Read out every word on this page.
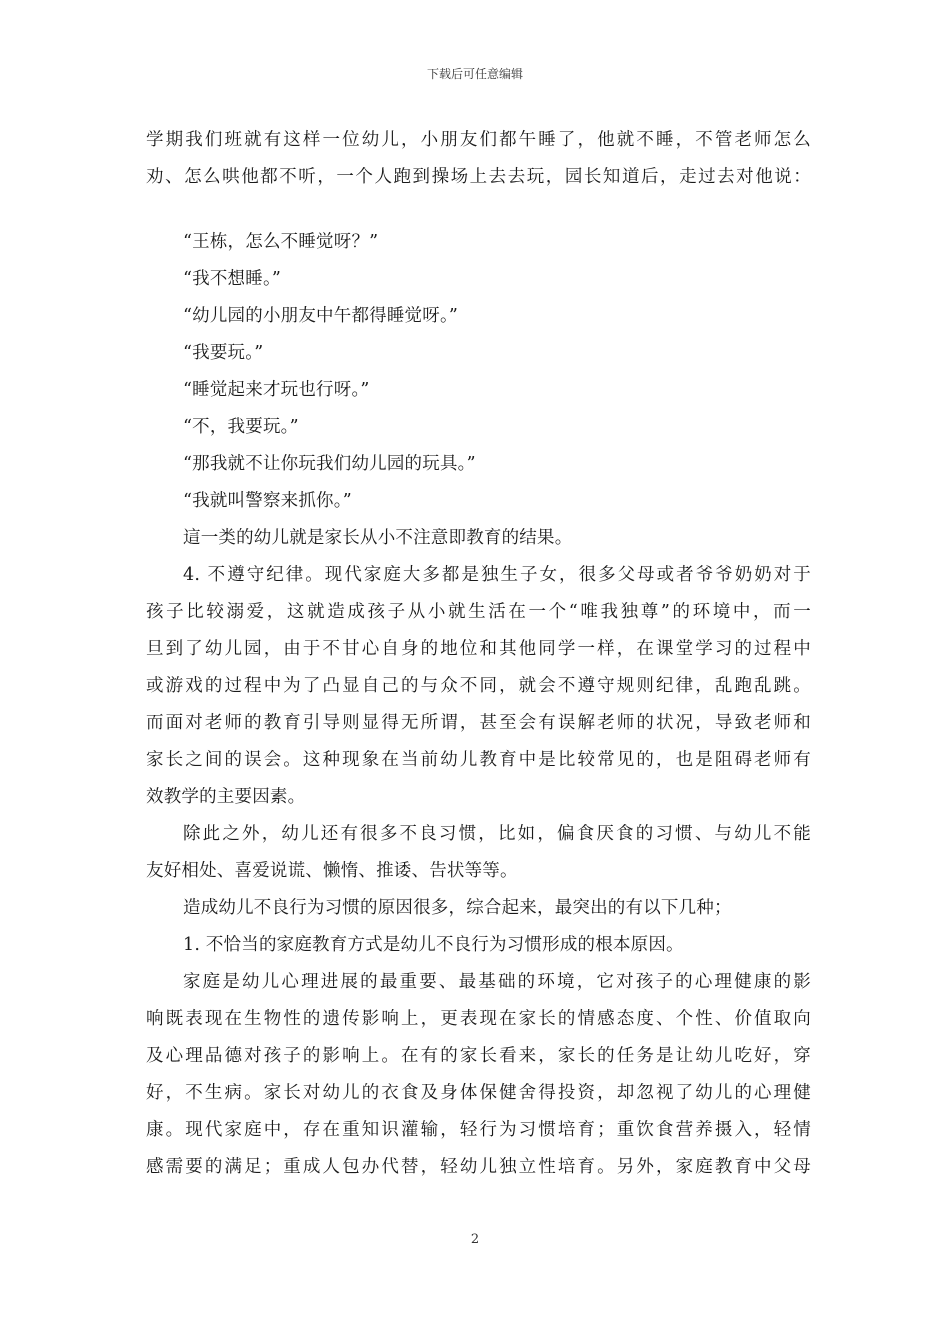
下载后可任意编辑
学期我们班就有这样一位幼儿，小朋友们都午睡了，他就不睡，不管老师怎么
劝、怎么哄他都不听，一个人跑到操场上去去玩，园长知道后，走过去对他说：
“王栋，怎么不睡觉呀？”
“我不想睡。”
“幼儿园的小朋友中午都得睡觉呀。”
“我要玩。”
“睡觉起来才玩也行呀。”
“不，我要玩。”
“那我就不让你玩我们幼儿园的玩具。”
“我就叫警察来抓你。”
這一类的幼儿就是家长从小不注意即教育的结果。
4. 不遵守纪律。现代家庭大多都是独生子女，很多父母或者爷爷奶奶对于
孩子比较溺爱，这就造成孩子从小就生活在一个“唯我独尊”的环境中，而一
旦到了幼儿园，由于不甘心自身的地位和其他同学一样，在课堂学习的过程中
或游戏的过程中为了凸显自己的与众不同，就会不遵守规则纪律，乱跑乱跳。
而面对老师的教育引导则显得无所谓，甚至会有误解老师的状况，导致老师和
家长之间的误会。这种现象在当前幼儿教育中是比较常见的，也是阻碍老师有
效教学的主要因素。
除此之外，幼儿还有很多不良习惯，比如，偏食厌食的习惯、与幼儿不能
友好相处、喜爱说谎、懒惰、推诿、告状等等。
造成幼儿不良行为习惯的原因很多，综合起来，最突出的有以下几种；
1. 不恰当的家庭教育方式是幼儿不良行为习惯形成的根本原因。
家庭是幼儿心理进展的最重要、最基础的环境，它对孩子的心理健康的影
响既表现在生物性的遗传影响上，更表现在家长的情感态度、个性、价值取向
及心理品德对孩子的影响上。在有的家长看来，家长的任务是让幼儿吃好，穿
好，不生病。家长对幼儿的衣食及身体保健舍得投资，却忽视了幼儿的心理健
康。现代家庭中，存在重知识灌输，轻行为习惯培育；重饮食营养摄入，轻情
感需要的满足；重成人包办代替，轻幼儿独立性培育。另外，家庭教育中父母
2
